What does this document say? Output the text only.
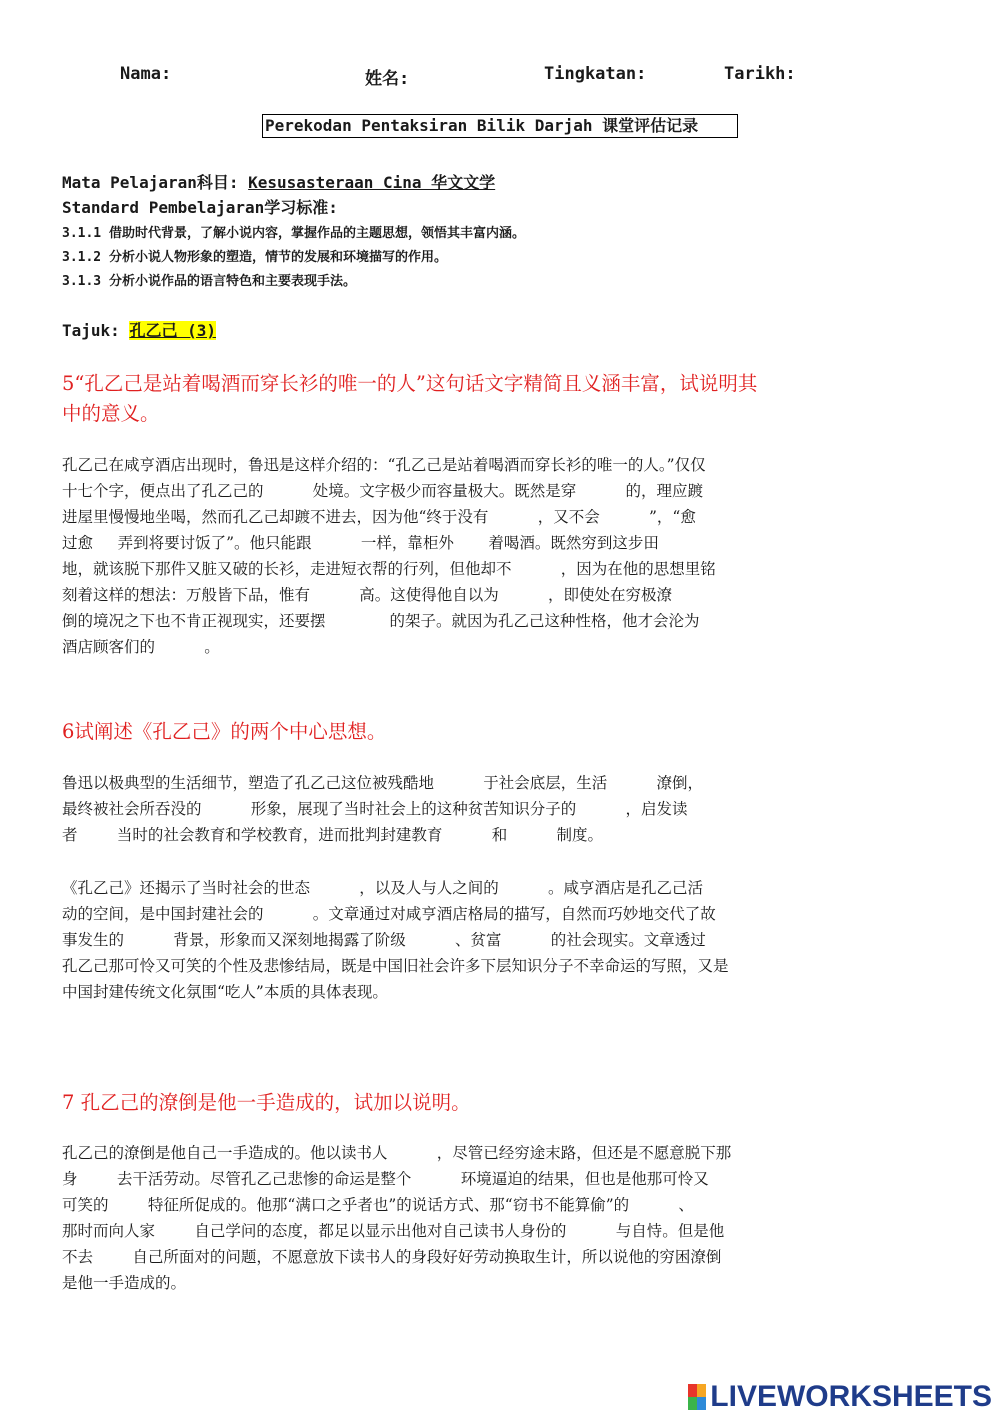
Nama:	姓名:	Tingkatan:	Tarikh:
Perekodan Pentaksiran Bilik Darjah 课堂评估记录
Mata Pelajaran科目: Kesusasteraan Cina 华文文学
Standard Pembelajaran学习标准:
3.1.1 借助时代背景，了解小说内容，掌握作品的主题思想，领悟其丰富内涵。
3.1.2 分析小说人物形象的塑造，情节的发展和环境描写的作用。
3.1.3 分析小说作品的语言特色和主要表现手法。
Tajuk: 孔乙己 (3)
5“孔乙己是站着喝酒而穿长衫的唯一的人”这句话文字精简且义涵丰富，试说明其
中的意义。
孔乙己在咸亨酒店出现时，鲁迅是这样介绍的：“孔乙己是站着喝酒而穿长衫的唯一的人。”仅仅
十七个字，便点出了孔乙己的          处境。文字极少而容量极大。既然是穿          的，理应踱
进屋里慢慢地坐喝，然而孔乙己却踱不进去，因为他“终于没有          ，又不会          ”，“愈
过愈     弄到将要讨饭了”。他只能跟          一样，靠柜外       着喝酒。既然穷到这步田
地，就该脱下那件又脏又破的长衫，走进短衣帮的行列，但他却不          ，因为在他的思想里铭
刻着这样的想法：万般皆下品，惟有          高。这使得他自以为          ，即使处在穷极潦
倒的境况之下也不肯正视现实，还要摆             的架子。就因为孔乙己这种性格，他才会沦为
酒店顾客们的          。
6试阐述《孔乙己》的两个中心思想。
鲁迅以极典型的生活细节，塑造了孔乙己这位被残酷地          于社会底层，生活          潦倒，
最终被社会所吞没的          形象，展现了当时社会上的这种贫苦知识分子的          ，启发读
者        当时的社会教育和学校教育，进而批判封建教育          和          制度。
《孔乙己》还揭示了当时社会的世态          ，以及人与人之间的          。咸亨酒店是孔乙己活
动的空间，是中国封建社会的          。文章通过对咸亨酒店格局的描写，自然而巧妙地交代了故
事发生的          背景，形象而又深刻地揭露了阶级          、贫富          的社会现实。文章透过
孔乙己那可怜又可笑的个性及悲惨结局，既是中国旧社会许多下层知识分子不幸命运的写照，又是
中国封建传统文化氛围“吃人”本质的具体表现。
7 孔乙己的潦倒是他一手造成的，试加以说明。
孔乙己的潦倒是他自己一手造成的。他以读书人          ，尽管已经穷途末路，但还是不愿意脱下那
身        去干活劳动。尽管孔乙己悲惨的命运是整个          环境逼迫的结果，但也是他那可怜又
可笑的        特征所促成的。他那“满口之乎者也”的说话方式、那“窃书不能算偷”的          、
那时而向人家        自己学问的态度，都足以显示出他对自己读书人身份的          与自恃。但是他
不去        自己所面对的问题，不愿意放下读书人的身段好好劳动换取生计，所以说他的穷困潦倒
是他一手造成的。
LIVEWORKSHEETS
